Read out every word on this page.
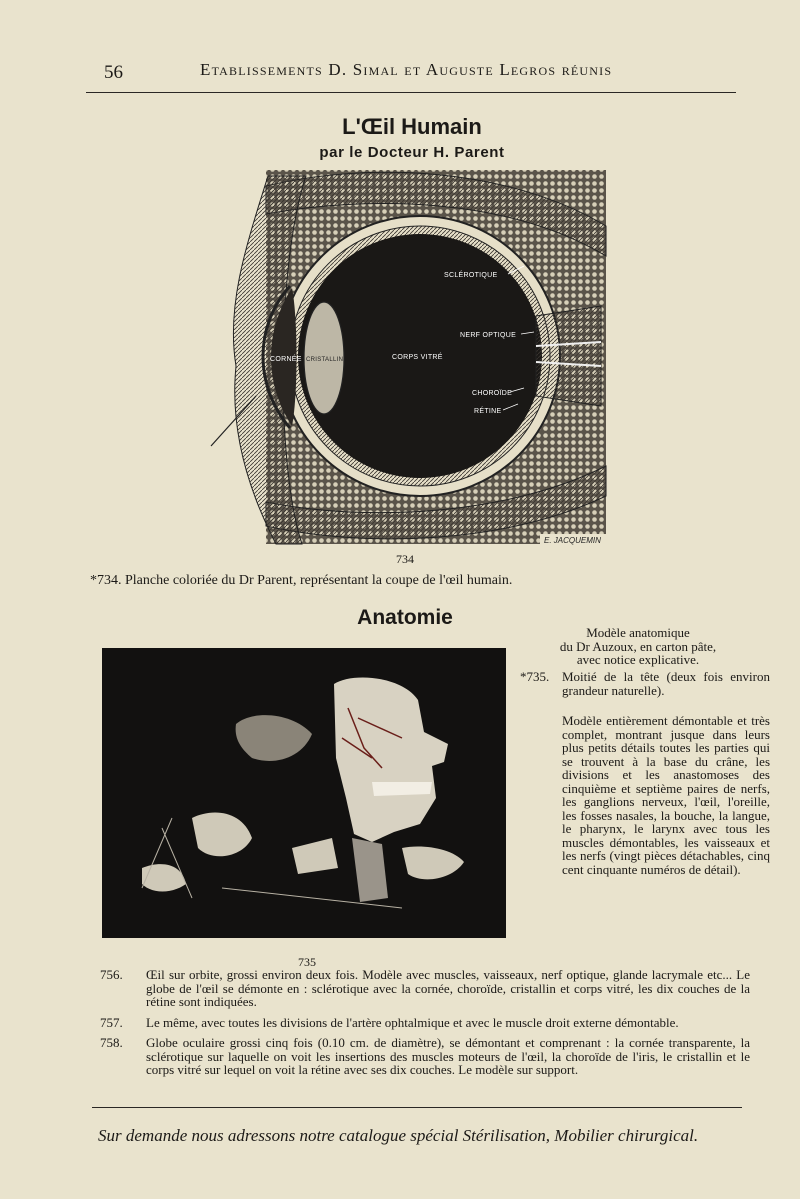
56	Etablissements D. Simal et Auguste Legros réunis
L'Œil Humain
par le Docteur H. Parent
SCLÉROTIQUE
NERF OPTIQUE
CORNÉE CRISTALLIN	CORPS VITRÉ
CHOROÏDE
RÉTINE
E. JACQUEMIN
734
*734. Planche coloriée du Dr Parent, représentant la coupe de l'œil humain.
Anatomie
735

Modèle anatomique

du Dr Auzoux, en carton pâte,

avec notice explicative.

*735. Moitié de la tête (deux fois environ grandeur naturelle).

Modèle entièrement démontable et très complet, montrant jusque dans leurs plus petits détails toutes les parties qui se trouvent à la base du crâne, les divisions et les anastomoses des cinquième et septième paires de nerfs, les ganglions nerveux, l'œil, l'oreille, les fosses nasales, la bouche, la langue, le pharynx, le larynx avec tous les muscles démontables, les vaisseaux et les nerfs (vingt pièces détachables, cinq cent cinquante numéros de détail).
756. Œil sur orbite, grossi environ deux fois. Modèle avec muscles, vaisseaux, nerf optique, glande lacrymale etc... Le globe de l'œil se démonte en : sclérotique avec la cornée, choroïde, cristallin et corps vitré, les dix couches de la rétine sont indiquées.
757. Le même, avec toutes les divisions de l'artère ophtalmique et avec le muscle droit externe démontable.
758. Globe oculaire grossi cinq fois (0.10 cm. de diamètre), se démontant et comprenant : la cornée transparente, la sclérotique sur laquelle on voit les insertions des muscles moteurs de l'œil, la choroïde de l'iris, le cristallin et le corps vitré sur lequel on voit la rétine avec ses dix couches. Le modèle sur support.
Sur demande nous adressons notre catalogue spécial Stérilisation, Mobilier chirurgical.
